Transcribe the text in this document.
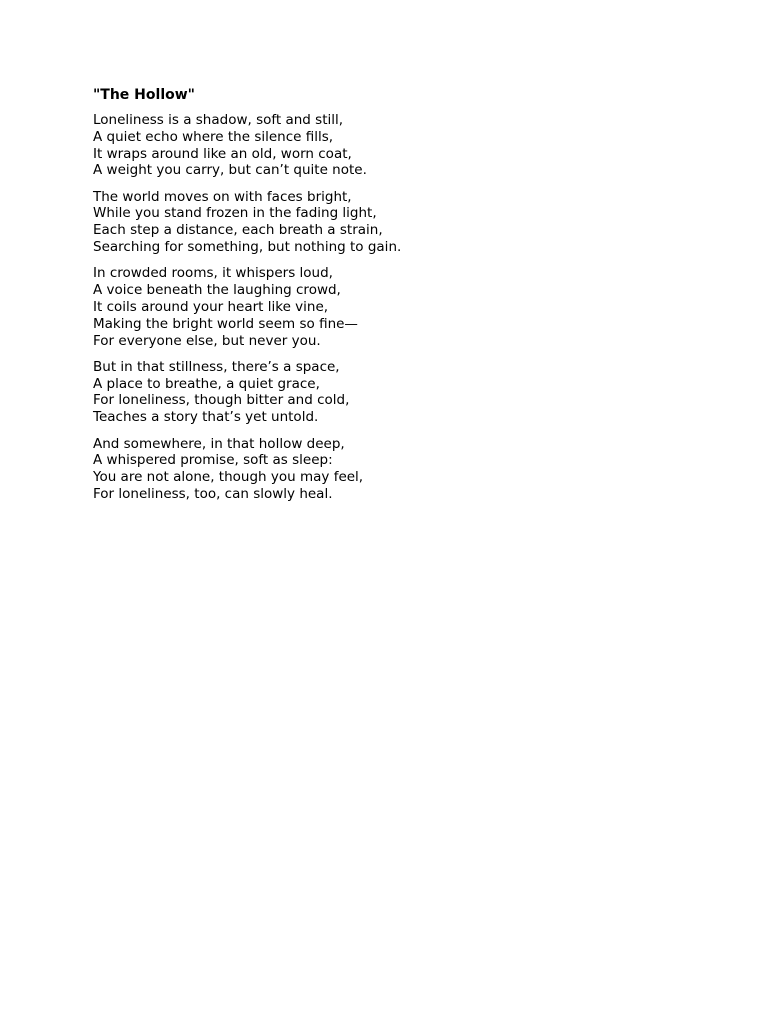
"The Hollow"
Loneliness is a shadow, soft and still,
A quiet echo where the silence fills,
It wraps around like an old, worn coat,
A weight you carry, but can’t quite note.
The world moves on with faces bright,
While you stand frozen in the fading light,
Each step a distance, each breath a strain,
Searching for something, but nothing to gain.
In crowded rooms, it whispers loud,
A voice beneath the laughing crowd,
It coils around your heart like vine,
Making the bright world seem so fine—
For everyone else, but never you.
But in that stillness, there’s a space,
A place to breathe, a quiet grace,
For loneliness, though bitter and cold,
Teaches a story that’s yet untold.
And somewhere, in that hollow deep,
A whispered promise, soft as sleep:
You are not alone, though you may feel,
For loneliness, too, can slowly heal.
